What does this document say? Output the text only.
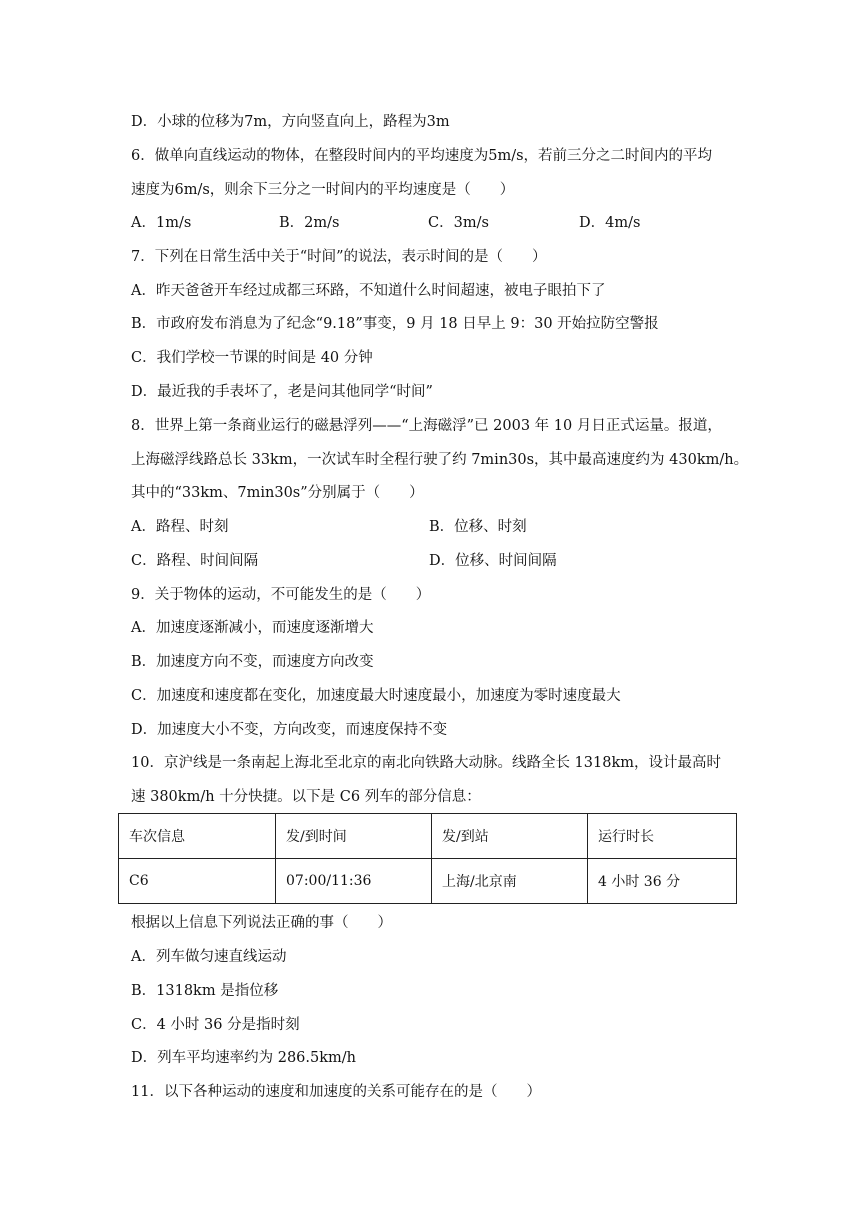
D．小球的位移为7m，方向竖直向上，路程为3m
6．做单向直线运动的物体，在整段时间内的平均速度为5m/s，若前三分之二时间内的平均
速度为6m/s，则余下三分之一时间内的平均速度是（　　）
A．1m/s	B．2m/s	C．3m/s	D．4m/s
7．下列在日常生活中关于“时间”的说法，表示时间的是（　　）
A．昨天爸爸开车经过成都三环路，不知道什么时间超速，被电子眼拍下了
B．市政府发布消息为了纪念“9.18”事变，9 月 18 日早上 9：30 开始拉防空警报
C．我们学校一节课的时间是 40 分钟
D．最近我的手表坏了，老是问其他同学“时间”
8．世界上第一条商业运行的磁悬浮列——“上海磁浮”已 2003 年 10 月日正式运量。报道，
上海磁浮线路总长 33km，一次试车时全程行驶了约 7min30s，其中最高速度约为 430km/h。
其中的“33km、7min30s”分别属于（　　）
A．路程、时刻	B．位移、时刻
C．路程、时间间隔	D．位移、时间间隔
9．关于物体的运动，不可能发生的是（　　）
A．加速度逐渐减小，而速度逐渐增大
B．加速度方向不变，而速度方向改变
C．加速度和速度都在变化，加速度最大时速度最小，加速度为零时速度最大
D．加速度大小不变，方向改变，而速度保持不变
10．京沪线是一条南起上海北至北京的南北向铁路大动脉。线路全长 1318km，设计最高时
速 380km/h 十分快捷。以下是 C6 列车的部分信息：
车次信息	发/到时间	发/到站	运行时长
C6	07:00/11:36	上海/北京南	4 小时 36 分
根据以上信息下列说法正确的事（　　）
A．列车做匀速直线运动
B．1318km 是指位移
C．4 小时 36 分是指时刻
D．列车平均速率约为 286.5km/h
11．以下各种运动的速度和加速度的关系可能存在的是（　　）
